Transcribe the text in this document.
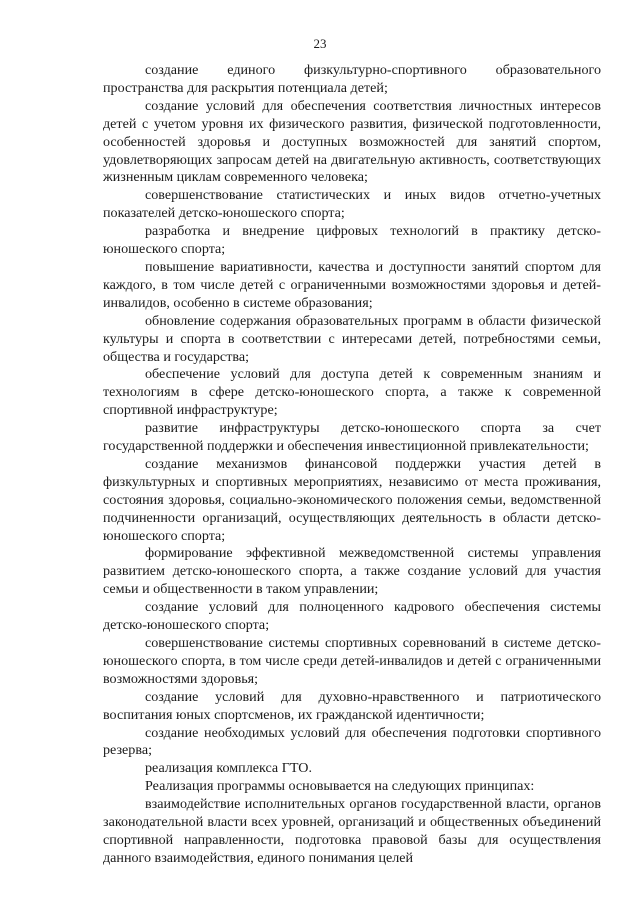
23

создание единого физкультурно-спортивного образовательного пространства для раскрытия потенциала детей;

создание условий для обеспечения соответствия личностных интересов детей с учетом уровня их физического развития, физической подготовленности, особенностей здоровья и доступных возможностей для занятий спортом, удовлетворяющих запросам детей на двигательную активность, соответствующих жизненным циклам современного человека;

совершенствование статистических и иных видов отчетно-учетных показателей детско-юношеского спорта;

разработка и внедрение цифровых технологий в практику детско-юношеского спорта;

повышение вариативности, качества и доступности занятий спортом для каждого, в том числе детей с ограниченными возможностями здоровья и детей-инвалидов, особенно в системе образования;

обновление содержания образовательных программ в области физической культуры и спорта в соответствии с интересами детей, потребностями семьи, общества и государства;

обеспечение условий для доступа детей к современным знаниям и технологиям в сфере детско-юношеского спорта, а также к современной спортивной инфраструктуре;

развитие инфраструктуры детско-юношеского спорта за счет государственной поддержки и обеспечения инвестиционной привлекательности;

создание механизмов финансовой поддержки участия детей в физкультурных и спортивных мероприятиях, независимо от места проживания, состояния здоровья, социально-экономического положения семьи, ведомственной подчиненности организаций, осуществляющих деятельность в области детско-юношеского спорта;

формирование эффективной межведомственной системы управления развитием детско-юношеского спорта, а также создание условий для участия семьи и общественности в таком управлении;

создание условий для полноценного кадрового обеспечения системы детско-юношеского спорта;

совершенствование системы спортивных соревнований в системе детско-юношеского спорта, в том числе среди детей-инвалидов и детей с ограниченными возможностями здоровья;

создание условий для духовно-нравственного и патриотического воспитания юных спортсменов, их гражданской идентичности;

создание необходимых условий для обеспечения подготовки спортивного резерва;

реализация комплекса ГТО.

Реализация программы основывается на следующих принципах:

взаимодействие исполнительных органов государственной власти, органов законодательной власти всех уровней, организаций и общественных объединений спортивной направленности, подготовка правовой базы для осуществления данного взаимодействия, единого понимания целей
